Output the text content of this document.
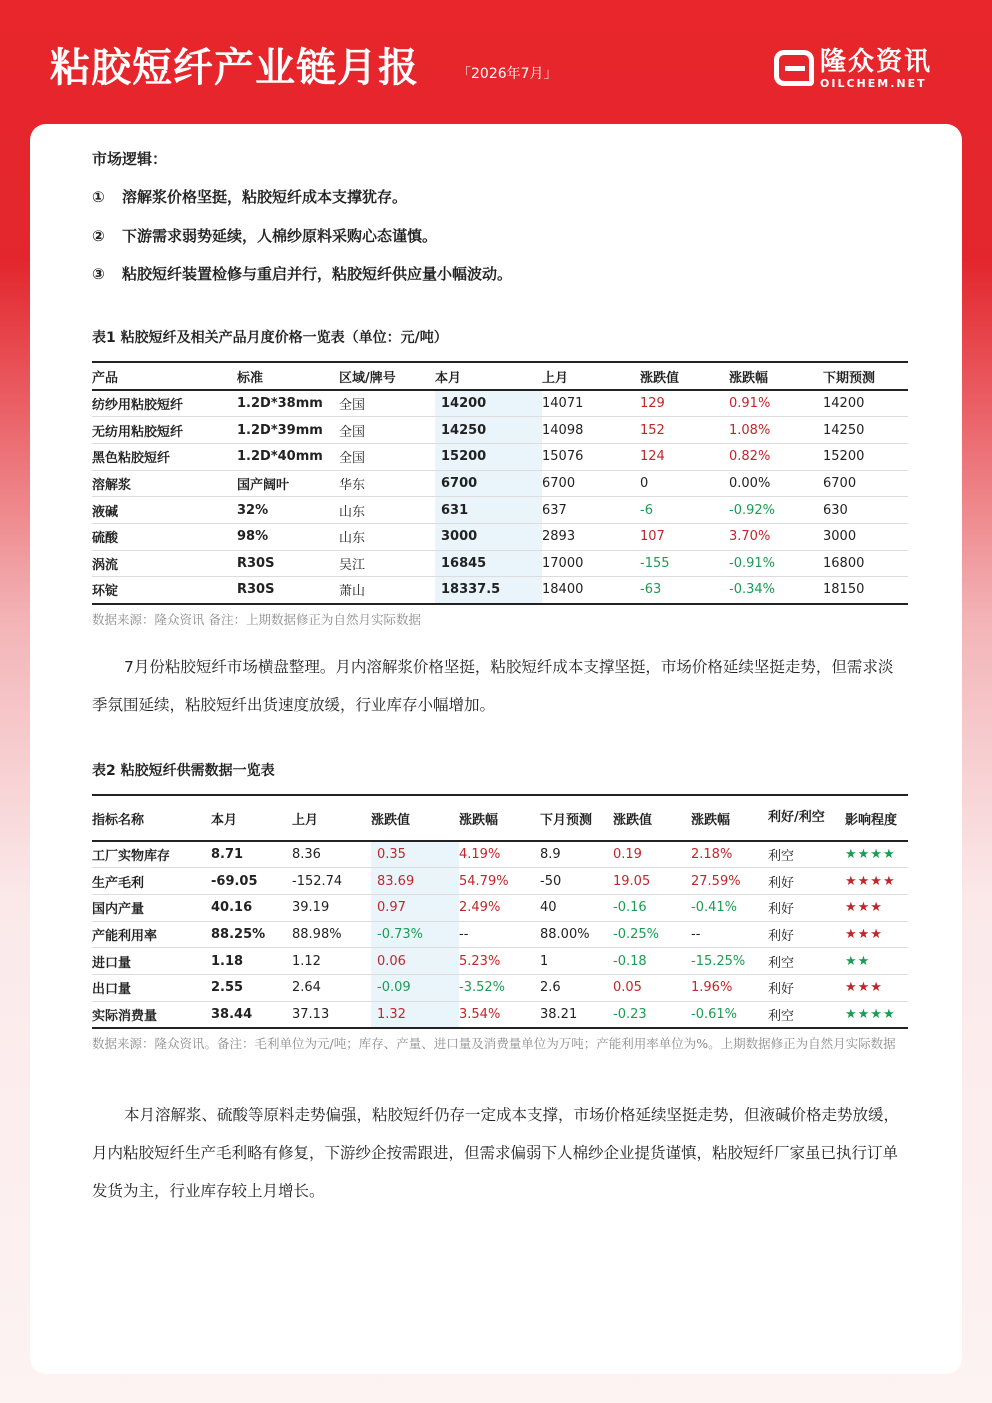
粘胶短纤产业链月报	「2026年7月」	隆众资讯
OILCHEM.NET
市场逻辑：
① 溶解浆价格坚挺，粘胶短纤成本支撑犹存。
② 下游需求弱势延续，人棉纱原料采购心态谨慎。
③ 粘胶短纤装置检修与重启并行，粘胶短纤供应量小幅波动。
表1 粘胶短纤及相关产品月度价格一览表（单位：元/吨）
产品	标准	区域/牌号	本月	上月	涨跌值	涨跌幅	下期预测
纺纱用粘胶短纤	1.2D*38mm	全国	14200	14071	129	0.91%	14200
无纺用粘胶短纤	1.2D*39mm	全国	14250	14098	152	1.08%	14250
黑色粘胶短纤	1.2D*40mm	全国	15200	15076	124	0.82%	15200
溶解浆	国产阔叶	华东	6700	6700	0	0.00%	6700
液碱	32%	山东	631	637	-6	-0.92%	630
硫酸	98%	山东	3000	2893	107	3.70%	3000
涡流	R30S	吴江	16845	17000	-155	-0.91%	16800
环锭	R30S	萧山	18337.5	18400	-63	-0.34%	18150
数据来源：隆众资讯 备注：上期数据修正为自然月实际数据
7月份粘胶短纤市场横盘整理。月内溶解浆价格坚挺，粘胶短纤成本支撑坚挺，市场价格延续坚挺走势，但需求淡季氛围延续，粘胶短纤出货速度放缓，行业库存小幅增加。
表2 粘胶短纤供需数据一览表
指标名称	本月	上月	涨跌值	涨跌幅	下月预测	涨跌值	涨跌幅	利好/利空	影响程度
工厂实物库存	8.71	8.36	0.35	4.19%	8.9	0.19	2.18%	利空	★★★★
生产毛利	-69.05	-152.74	83.69	54.79%	-50	19.05	27.59%	利好	★★★★
国内产量	40.16	39.19	0.97	2.49%	40	-0.16	-0.41%	利好	★★★
产能利用率	88.25%	88.98%	-0.73%	--	88.00%	-0.25%	--	利好	★★★
进口量	1.18	1.12	0.06	5.23%	1	-0.18	-15.25%	利空	★★
出口量	2.55	2.64	-0.09	-3.52%	2.6	0.05	1.96%	利好	★★★
实际消费量	38.44	37.13	1.32	3.54%	38.21	-0.23	-0.61%	利空	★★★★
数据来源：隆众资讯。备注：毛利单位为元/吨；库存、产量、进口量及消费量单位为万吨；产能利用率单位为%。上期数据修正为自然月实际数据
本月溶解浆、硫酸等原料走势偏强，粘胶短纤仍存一定成本支撑，市场价格延续坚挺走势，但液碱价格走势放缓，月内粘胶短纤生产毛利略有修复，下游纱企按需跟进，但需求偏弱下人棉纱企业提货谨慎，粘胶短纤厂家虽已执行订单发货为主，行业库存较上月增长。
